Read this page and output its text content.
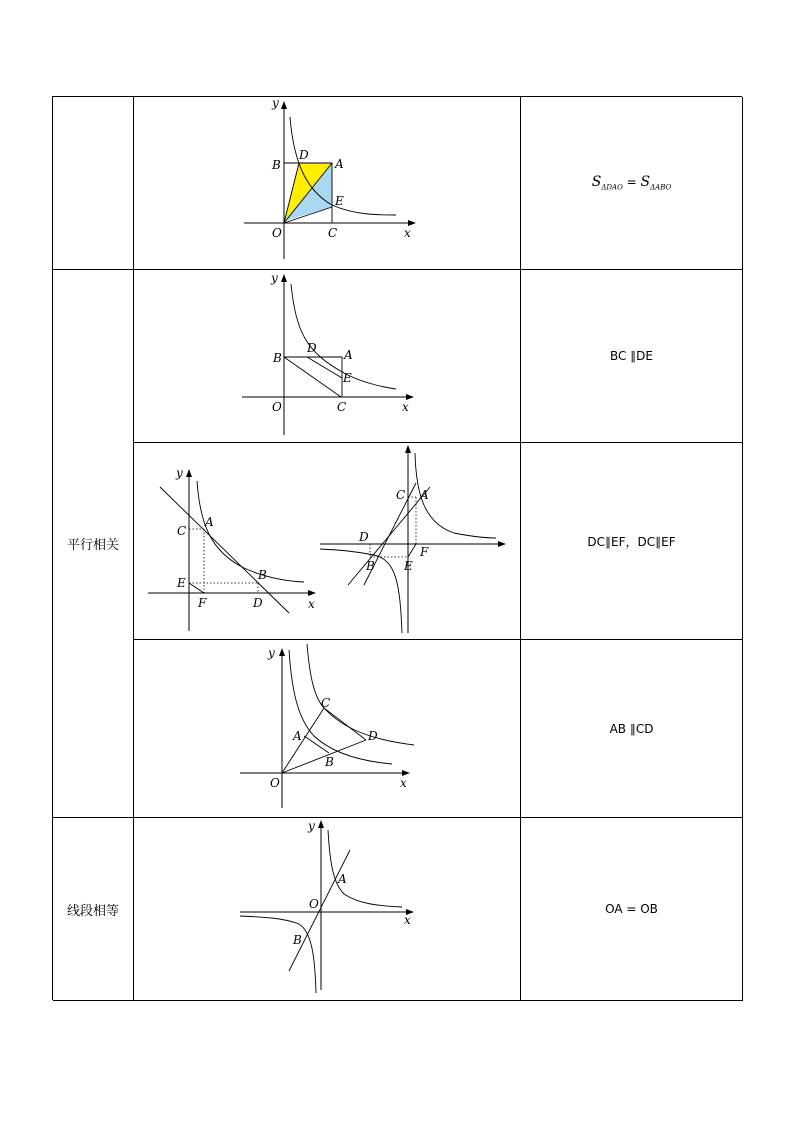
y
x
O
B
D
A
E
C
$S_{\Delta DAO} = S_{\Delta ABO}$
平行相关
y
x
O
B
D A
E
C
BC ∥DE
y
x
C
A
E
F
B
D
C A
D
F
B E
DC∥EF，DC∥EF
y
x
O
A
B
C
D	AB ∥CD
线段相等
y
x
O
A
B
OA = OB
